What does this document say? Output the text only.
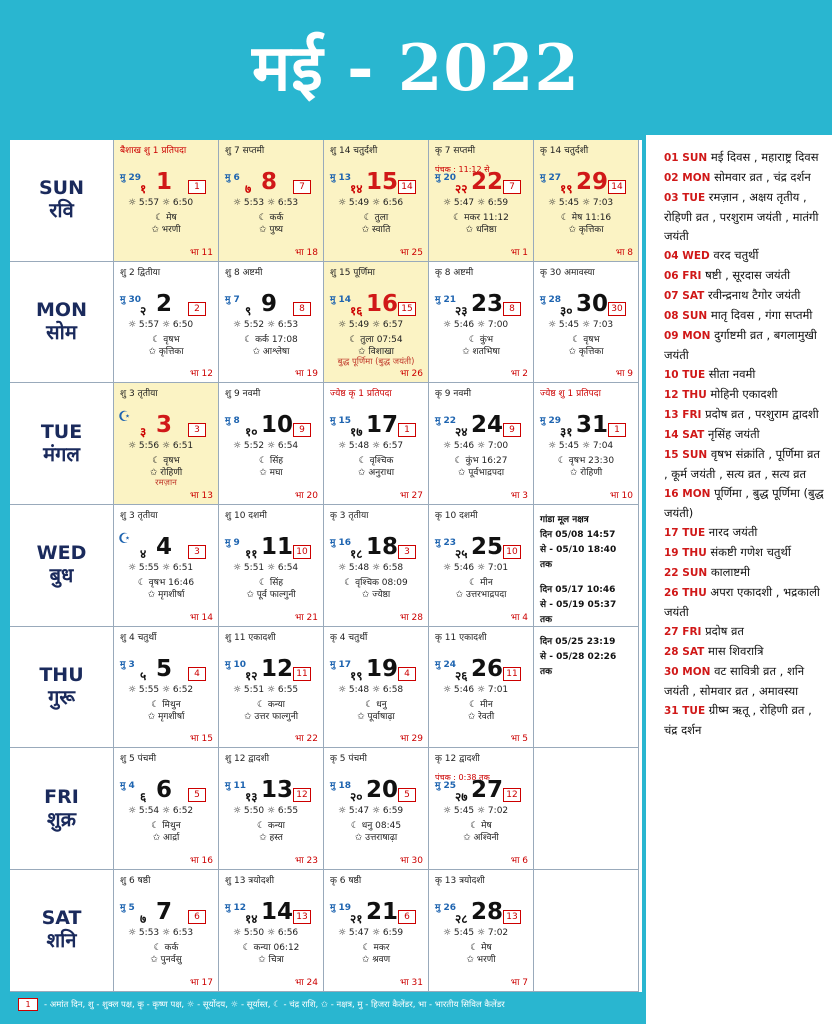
मई - 2022
SUN
रवि
बैशाख शु 1 प्रतिपदा
मु 29
१ 1	1
☼ 5:57 ☼ 6:50
☾ मेष
✩ भरणी
भा 11
शु 7 सप्तमी
मु 6
७ 8	7
☼ 5:53 ☼ 6:53
☾ कर्क
✩ पुष्य
भा 18
शु 14 चतुर्दशी
मु 13
१४ 15 14
☼ 5:49 ☼ 6:56
☾ तुला
✩ स्वाति
भा 25
कृ 7 सप्तमी
पंचक : 11:12 से
मु 20
२२ 22 7
☼ 5:47 ☼ 6:59
☾ मकर 11:12
✩ धनिष्ठा
भा 1
कृ 14 चतुर्दशी
मु 27
१९ 29 14
☼ 5:45 ☼ 7:03
☾ मेष 11:16
✩ कृत्तिका
भा 8
MON
सोम
शु 2 द्वितीया
मु 30
२ 2	2
☼ 5:57 ☼ 6:50
☾ वृषभ
✩ कृत्तिका
भा 12
शु 8 अष्टमी
मु 7
९ 9	8
☼ 5:52 ☼ 6:53
☾ कर्क 17:08
✩ आश्लेषा
भा 19
शु 15 पूर्णिमा
मु 14
१६ 16 15
☼ 5:49 ☼ 6:57
☾ तुला 07:54
✩ विशाखा
बुद्ध पूर्णिमा (बुद्ध जयंती)
भा 26
कृ 8 अष्टमी
मु 21
२३ 23 8
☼ 5:46 ☼ 7:00
☾ कुंभ
✩ शतभिषा
भा 2
कृ 30 अमावस्या
मु 28
३० 30 30
☼ 5:45 ☼ 7:03
☾ वृषभ
✩ कृत्तिका
भा 9
TUE
मंगल
शु 3 तृतीया
☪
३ 3	3
☼ 5:56 ☼ 6:51
☾ वृषभ
✩ रोहिणी
रमज़ान
भा 13
शु 9 नवमी
मु 8
१० 10 9
☼ 5:52 ☼ 6:54
☾ सिंह
✩ मघा
भा 20
ज्येष्ठ कृ 1 प्रतिपदा
मु 15
१७ 17 1
☼ 5:48 ☼ 6:57
☾ वृश्चिक
✩ अनुराधा
भा 27
कृ 9 नवमी
मु 22
२४ 24 9
☼ 5:46 ☼ 7:00
☾ कुंभ 16:27
✩ पूर्वभाद्रपदा
भा 3
ज्येष्ठ शु 1 प्रतिपदा
मु 29
३१ 31 1
☼ 5:45 ☼ 7:04
☾ वृषभ 23:30
✩ रोहिणी
भा 10
WED
बुध
शु 3 तृतीया
☪
४ 4	3
☼ 5:55 ☼ 6:51
☾ वृषभ 16:46
✩ मृगशीर्षा
भा 14
शु 10 दशमी
मु 9
११ 11 10
☼ 5:51 ☼ 6:54
☾ सिंह
✩ पूर्व फाल्गुनी
भा 21
कृ 3 तृतीया
मु 16
१८ 18 3
☼ 5:48 ☼ 6:58
☾ वृश्चिक 08:09
✩ ज्येष्ठा
भा 28
कृ 10 दशमी
मु 23
२५ 25 10
☼ 5:46 ☼ 7:01
☾ मीन
✩ उत्तरभाद्रपदा
भा 4
गांडा मूल नक्षत्र
दिन 05/08 14:57
से - 05/10 18:40
तक
दिन 05/17 10:46
से - 05/19 05:37
तक
THU
गुरू
शु 4 चतुर्थी
मु 3
५ 5	4
☼ 5:55 ☼ 6:52
☾ मिथुन
✩ मृगशीर्षा
भा 15
शु 11 एकादशी
मु 10
१२ 12 11
☼ 5:51 ☼ 6:55
☾ कन्या
✩ उत्तर फाल्गुनी
भा 22
कृ 4 चतुर्थी
मु 17
१९ 19 4
☼ 5:48 ☼ 6:58
☾ धनु
✩ पूर्वाषाढ़ा
भा 29
कृ 11 एकादशी
मु 24
२६ 26 11
☼ 5:46 ☼ 7:01
☾ मीन
✩ रेवती
भा 5
दिन 05/25 23:19
से - 05/28 02:26
तक
FRI
शुक्र
शु 5 पंचमी
मु 4
६ 6	5
☼ 5:54 ☼ 6:52
☾ मिथुन
✩ आर्द्रा
भा 16
शु 12 द्वादशी
मु 11
१३ 13 12
☼ 5:50 ☼ 6:55
☾ कन्या
✩ हस्त
भा 23
कृ 5 पंचमी
मु 18
२० 20 5
☼ 5:47 ☼ 6:59
☾ धनु 08:45
✩ उत्तराषाढ़ा
भा 30
कृ 12 द्वादशी
पंचक : 0:38 तक
मु 25
२७ 27 12
☼ 5:45 ☼ 7:02
☾ मेष
✩ अश्विनी
भा 6
SAT
शनि
शु 6 षष्ठी
मु 5
७ 7	6
☼ 5:53 ☼ 6:53
☾ कर्क
✩ पुनर्वसु
भा 17
शु 13 त्रयोदशी
मु 12
१४ 14 13
☼ 5:50 ☼ 6:56
☾ कन्या 06:12
✩ चित्रा
भा 24
कृ 6 षष्ठी
मु 19
२१ 21 6
☼ 5:47 ☼ 6:59
☾ मकर
✩ श्रवण
भा 31
कृ 13 त्रयोदशी
मु 26
२८ 28 13
☼ 5:45 ☼ 7:02
☾ मेष
✩ भरणी
भा 7
01 SUN मई दिवस , महाराष्ट्र दिवस
02 MON सोमवार व्रत , चंद्र दर्शन
03 TUE रमज़ान , अक्षय तृतीय , रोहिणी व्रत , परशुराम जयंती , मातंगी जयंती
04 WED वरद चतुर्थी
06 FRI षष्टी , सूरदास जयंती
07 SAT रवीन्द्रनाथ टैगोर जयंती
08 SUN मातृ दिवस , गंगा सप्तमी
09 MON दुर्गाष्टमी व्रत , बगलामुखी जयंती
10 TUE सीता नवमी
12 THU मोहिनी एकादशी
13 FRI प्रदोष व्रत , परशुराम द्वादशी
14 SAT नृसिंह जयंती
15 SUN वृषभ संक्रांति , पूर्णिमा व्रत , कूर्म जयंती , सत्य व्रत , सत्य व्रत
16 MON पूर्णिमा , बुद्ध पूर्णिमा (बुद्ध जयंती)
17 TUE नारद जयंती
19 THU संकष्टी गणेश चतुर्थी
22 SUN कालाष्टमी
26 THU अपरा एकादशी , भद्रकाली जयंती
27 FRI प्रदोष व्रत
28 SAT मास शिवरात्रि
30 MON वट सावित्री व्रत , शनि जयंती , सोमवार व्रत , अमावस्या
31 TUE ग्रीष्म ऋतू , रोहिणी व्रत , चंद्र दर्शन
1 - अमांत दिन, शु - शुक्ल पक्ष, कृ - कृष्ण पक्ष, ☼ - सूर्योदय, ☼ - सूर्यास्त, ☾ - चंद्र राशि, ✩ - नक्षत्र, मु - हिजरा कैलेंडर, भा - भारतीय सिविल कैलेंडर
